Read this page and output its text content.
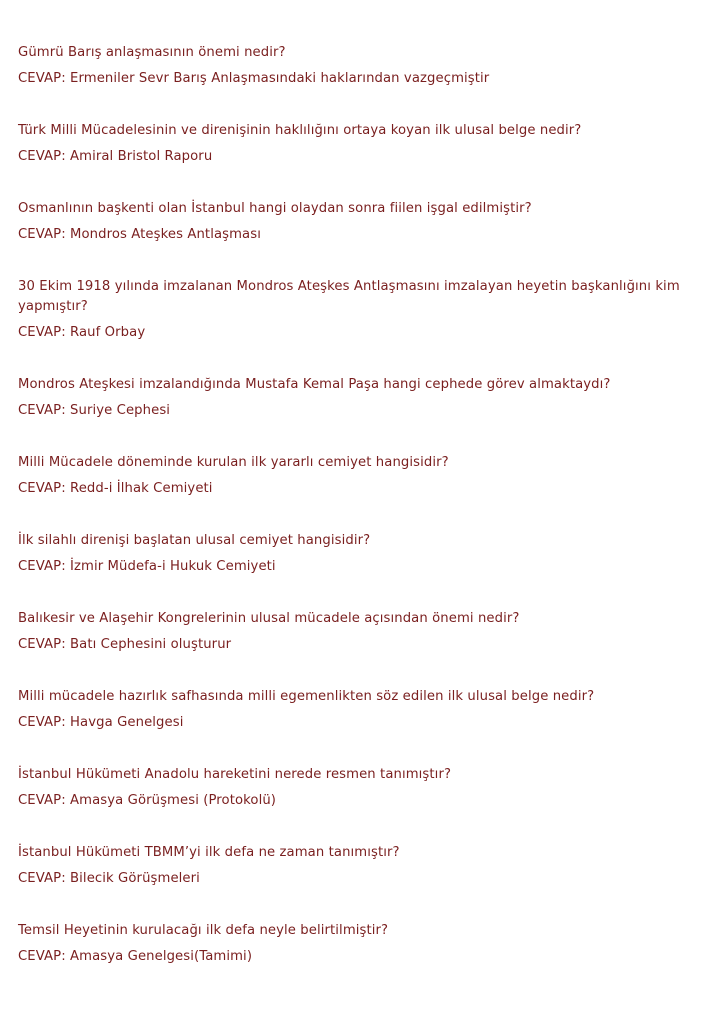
Gümrü Barış anlaşmasının önemi nedir?

CEVAP: Ermeniler Sevr Barış Anlaşmasındaki haklarından vazgeçmiştir

Türk Milli Mücadelesinin ve direnişinin haklılığını ortaya koyan ilk ulusal belge nedir?

CEVAP: Amiral Bristol Raporu

Osmanlının başkenti olan İstanbul hangi olaydan sonra fiilen işgal edilmiştir?

CEVAP: Mondros Ateşkes Antlaşması

30 Ekim 1918 yılında imzalanan Mondros Ateşkes Antlaşmasını imzalayan heyetin başkanlığını kim yapmıştır?

CEVAP: Rauf Orbay

Mondros Ateşkesi imzalandığında Mustafa Kemal Paşa hangi cephede görev almaktaydı?

CEVAP: Suriye Cephesi

Milli Mücadele döneminde kurulan ilk yararlı cemiyet hangisidir?

CEVAP: Redd-i İlhak Cemiyeti

İlk silahlı direnişi başlatan ulusal cemiyet hangisidir?

CEVAP: İzmir Müdefa-i Hukuk Cemiyeti

Balıkesir ve Alaşehir Kongrelerinin ulusal mücadele açısından önemi nedir?

CEVAP: Batı Cephesini oluşturur

Milli mücadele hazırlık safhasında milli egemenlikten söz edilen ilk ulusal belge nedir?

CEVAP: Havga Genelgesi

İstanbul Hükümeti Anadolu hareketini nerede resmen tanımıştır?

CEVAP: Amasya Görüşmesi (Protokolü)

İstanbul Hükümeti TBMM’yi ilk defa ne zaman tanımıştır?

CEVAP: Bilecik Görüşmeleri

Temsil Heyetinin kurulacağı ilk defa neyle belirtilmiştir?

CEVAP: Amasya Genelgesi(Tamimi)
